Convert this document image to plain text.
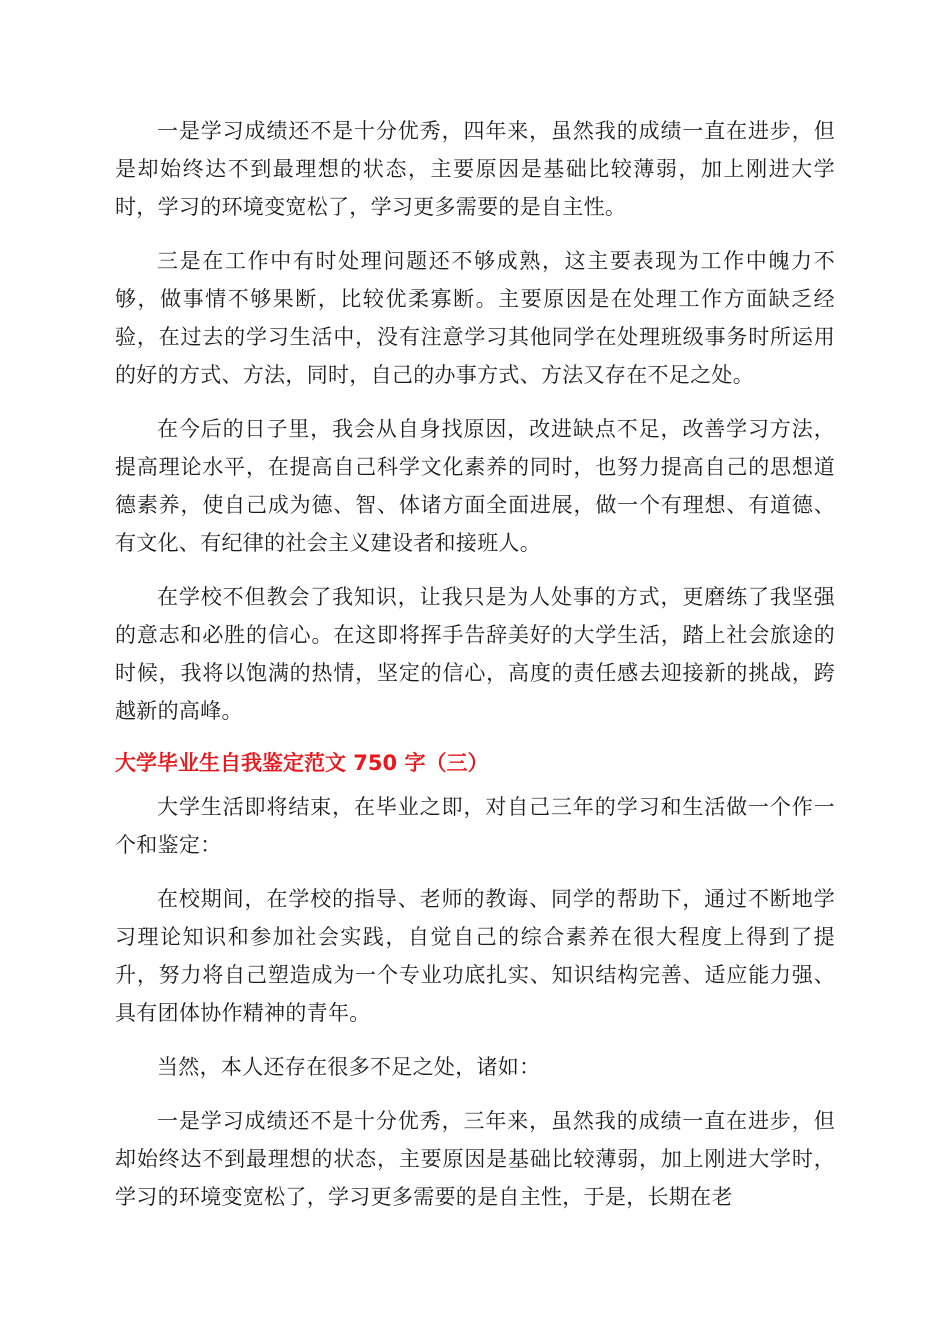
一是学习成绩还不是十分优秀，四年来，虽然我的成绩一直在进步，但是却始终达不到最理想的状态，主要原因是基础比较薄弱，加上刚进大学时，学习的环境变宽松了，学习更多需要的是自主性。

三是在工作中有时处理问题还不够成熟，这主要表现为工作中魄力不够，做事情不够果断，比较优柔寡断。主要原因是在处理工作方面缺乏经验，在过去的学习生活中，没有注意学习其他同学在处理班级事务时所运用的好的方式、方法，同时，自己的办事方式、方法又存在不足之处。

在今后的日子里，我会从自身找原因，改进缺点不足，改善学习方法，提高理论水平，在提高自己科学文化素养的同时，也努力提高自己的思想道德素养，使自己成为德、智、体诸方面全面进展，做一个有理想、有道德、有文化、有纪律的社会主义建设者和接班人。

在学校不但教会了我知识，让我只是为人处事的方式，更磨练了我坚强的意志和必胜的信心。在这即将挥手告辞美好的大学生活，踏上社会旅途的时候，我将以饱满的热情，坚定的信心，高度的责任感去迎接新的挑战，跨越新的高峰。

大学毕业生自我鉴定范文 750 字（三）

大学生活即将结束，在毕业之即，对自己三年的学习和生活做一个作一个和鉴定：

在校期间，在学校的指导、老师的教诲、同学的帮助下，通过不断地学习理论知识和参加社会实践，自觉自己的综合素养在很大程度上得到了提升，努力将自己塑造成为一个专业功底扎实、知识结构完善、适应能力强、具有团体协作精神的青年。

当然，本人还存在很多不足之处，诸如：

一是学习成绩还不是十分优秀，三年来，虽然我的成绩一直在进步，但却始终达不到最理想的状态，主要原因是基础比较薄弱，加上刚进大学时，学习的环境变宽松了，学习更多需要的是自主性，于是，长期在老
